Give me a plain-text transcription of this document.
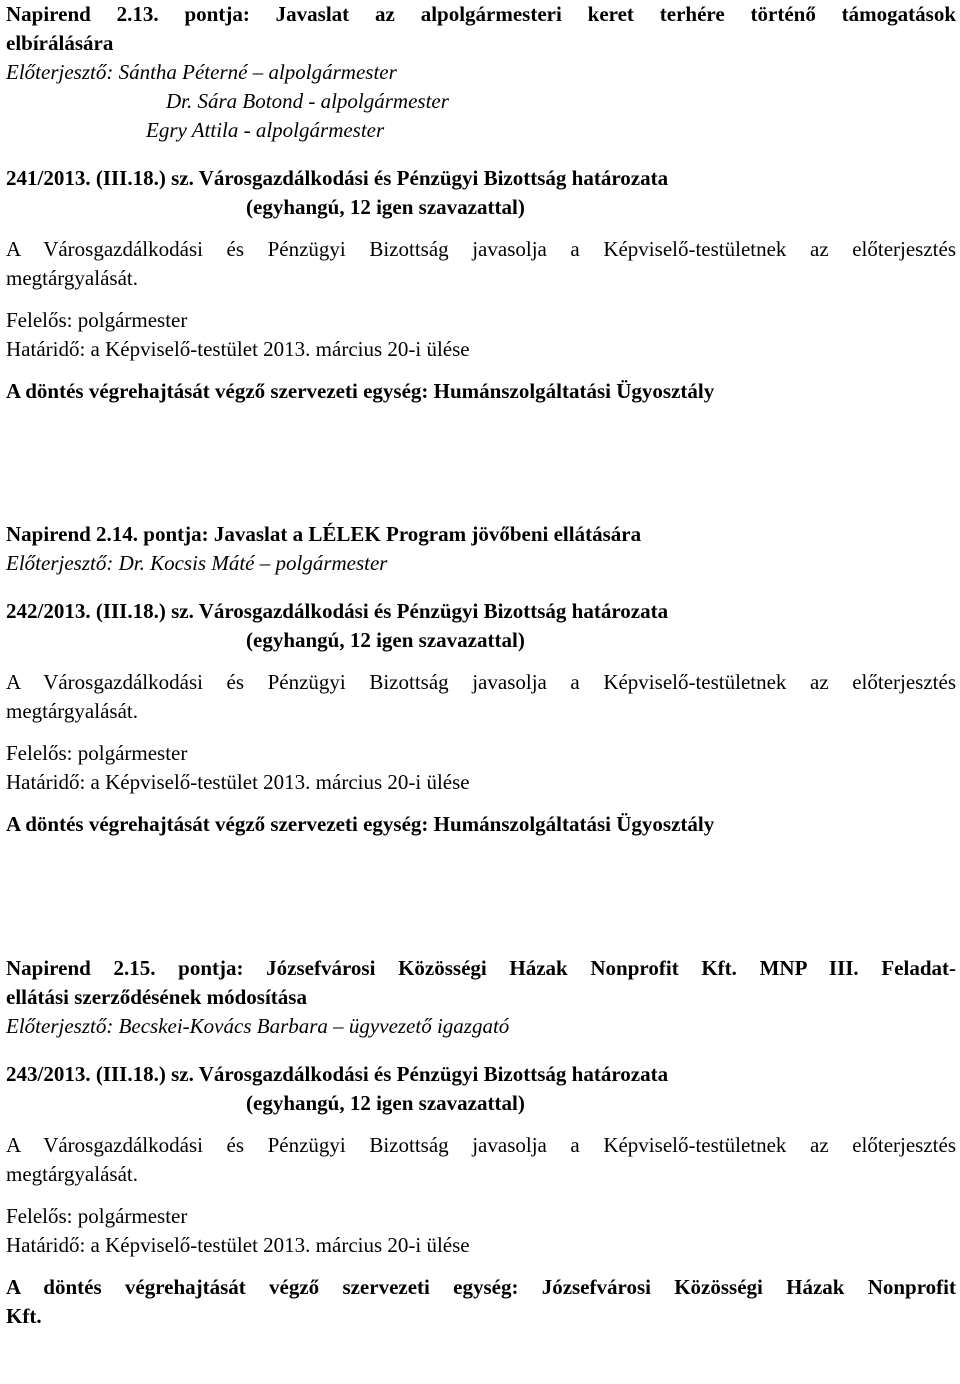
Napirend 2.13. pontja: Javaslat az alpolgármesteri keret terhére történő támogatások
elbírálására
Előterjesztő: Sántha Péterné – alpolgármester
Dr. Sára Botond - alpolgármester
Egry Attila - alpolgármester
241/2013. (III.18.) sz. Városgazdálkodási és Pénzügyi Bizottság határozata
(egyhangú, 12 igen szavazattal)
A Városgazdálkodási és Pénzügyi Bizottság javasolja a Képviselő-testületnek az előterjesztés
megtárgyalását.
Felelős: polgármester
Határidő: a Képviselő-testület 2013. március 20-i ülése
A döntés végrehajtását végző szervezeti egység: Humánszolgáltatási Ügyosztály
Napirend 2.14. pontja: Javaslat a LÉLEK Program jövőbeni ellátására
Előterjesztő: Dr. Kocsis Máté – polgármester
242/2013. (III.18.) sz. Városgazdálkodási és Pénzügyi Bizottság határozata
(egyhangú, 12 igen szavazattal)
A Városgazdálkodási és Pénzügyi Bizottság javasolja a Képviselő-testületnek az előterjesztés
megtárgyalását.
Felelős: polgármester
Határidő: a Képviselő-testület 2013. március 20-i ülése
A döntés végrehajtását végző szervezeti egység: Humánszolgáltatási Ügyosztály
Napirend 2.15. pontja: Józsefvárosi Közösségi Házak Nonprofit Kft. MNP III. Feladat-
ellátási szerződésének módosítása
Előterjesztő: Becskei-Kovács Barbara – ügyvezető igazgató
243/2013. (III.18.) sz. Városgazdálkodási és Pénzügyi Bizottság határozata
(egyhangú, 12 igen szavazattal)
A Városgazdálkodási és Pénzügyi Bizottság javasolja a Képviselő-testületnek az előterjesztés
megtárgyalását.
Felelős: polgármester
Határidő: a Képviselő-testület 2013. március 20-i ülése
A döntés végrehajtását végző szervezeti egység: Józsefvárosi Közösségi Házak Nonprofit
Kft.
